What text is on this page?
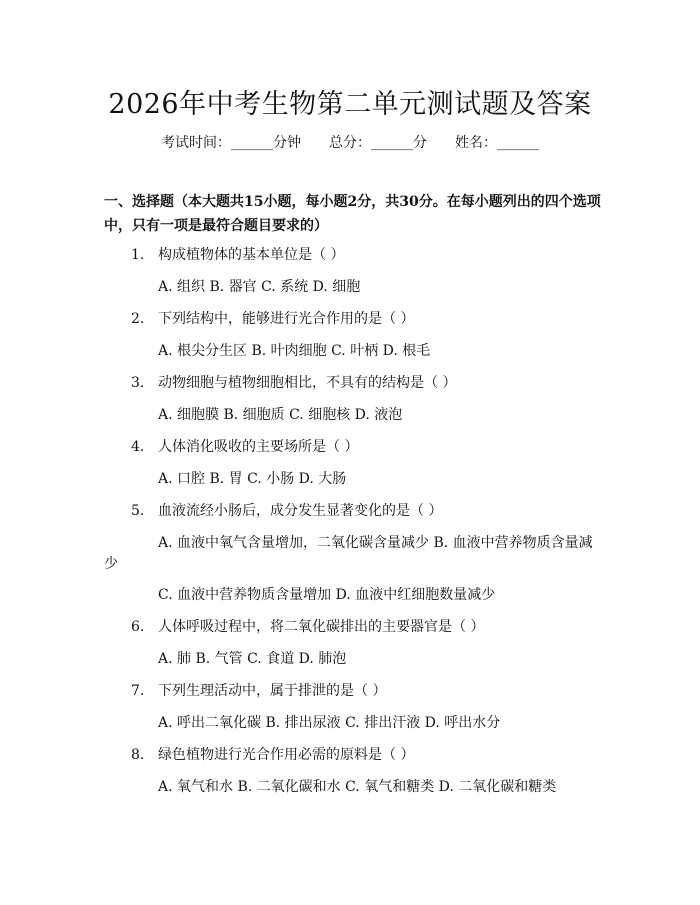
2026年中考生物第二单元测试题及答案
考试时间：______分钟　　总分：______分　　姓名：______
一、选择题（本大题共15小题，每小题2分，共30分。在每小题列出的四个选项中，只有一项是最符合题目要求的）
1. 构成植物体的基本单位是（ ）
A. 组织 B. 器官 C. 系统 D. 细胞
2. 下列结构中，能够进行光合作用的是（ ）
A. 根尖分生区 B. 叶肉细胞 C. 叶柄 D. 根毛
3. 动物细胞与植物细胞相比，不具有的结构是（ ）
A. 细胞膜 B. 细胞质 C. 细胞核 D. 液泡
4. 人体消化吸收的主要场所是（ ）
A. 口腔 B. 胃 C. 小肠 D. 大肠
5. 血液流经小肠后，成分发生显著变化的是（ ）
A. 血液中氧气含量增加，二氧化碳含量减少 B. 血液中营养物质含量减
少
C. 血液中营养物质含量增加 D. 血液中红细胞数量减少
6. 人体呼吸过程中，将二氧化碳排出的主要器官是（ ）
A. 肺 B. 气管 C. 食道 D. 肺泡
7. 下列生理活动中，属于排泄的是（ ）
A. 呼出二氧化碳 B. 排出尿液 C. 排出汗液 D. 呼出水分
8. 绿色植物进行光合作用必需的原料是（ ）
A. 氧气和水 B. 二氧化碳和水 C. 氧气和糖类 D. 二氧化碳和糖类
